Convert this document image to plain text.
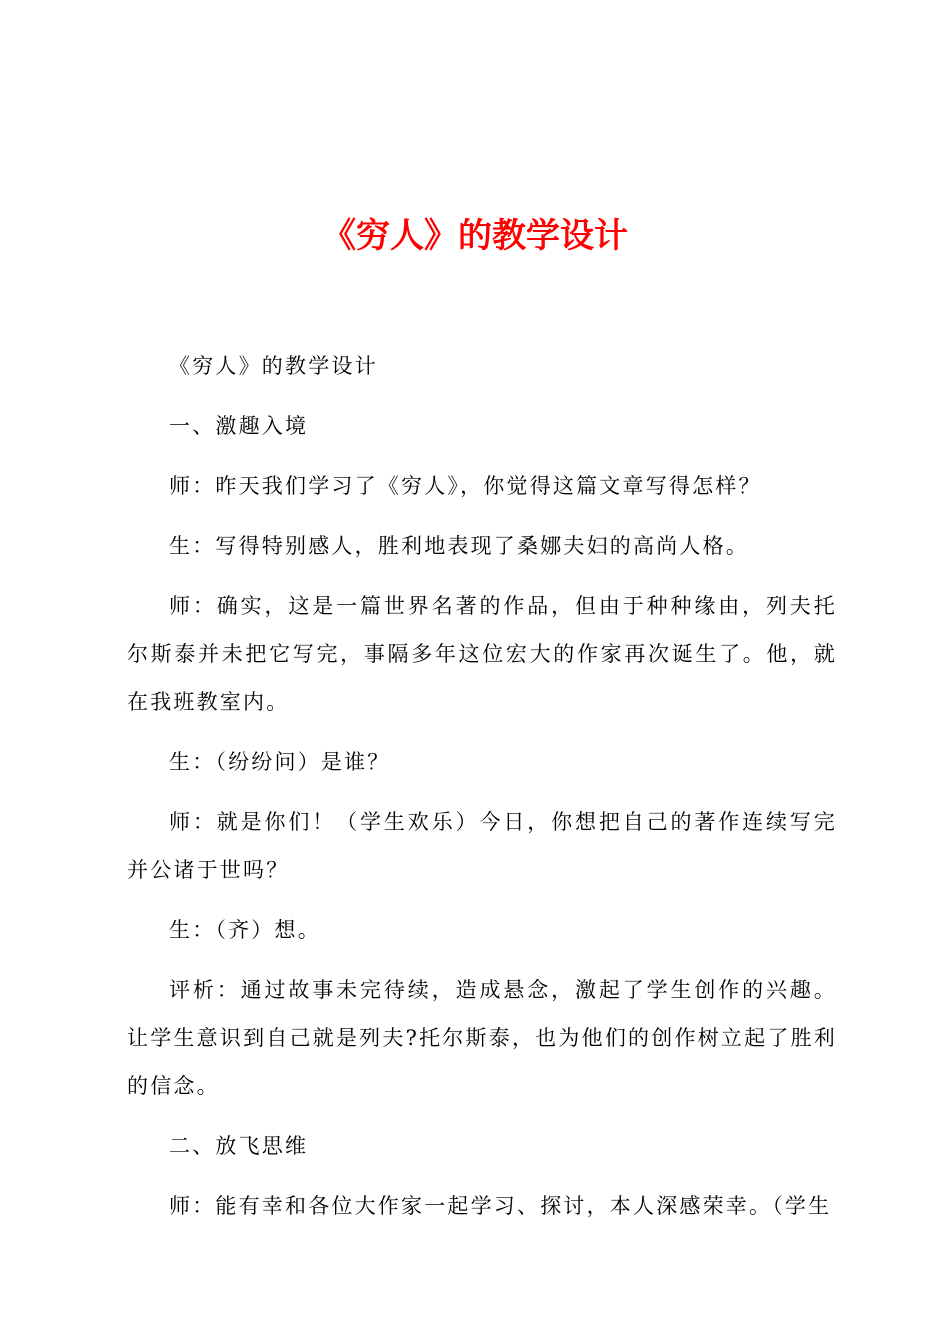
《穷人》的教学设计

《穷人》的教学设计

一、激趣入境

师：昨天我们学习了《穷人》，你觉得这篇文章写得怎样？

生：写得特别感人，胜利地表现了桑娜夫妇的高尚人格。

师：确实，这是一篇世界名著的作品，但由于种种缘由，列夫托尔斯泰并未把它写完，事隔多年这位宏大的作家再次诞生了。他，就在我班教室内。

生：（纷纷问）是谁？

师：就是你们！（学生欢乐）今日，你想把自己的著作连续写完并公诸于世吗？

生：（齐）想。

评析：通过故事未完待续，造成悬念，激起了学生创作的兴趣。让学生意识到自己就是列夫?托尔斯泰，也为他们的创作树立起了胜利的信念。

二、放飞思维

师：能有幸和各位大作家一起学习、探讨，本人深感荣幸。（学生
